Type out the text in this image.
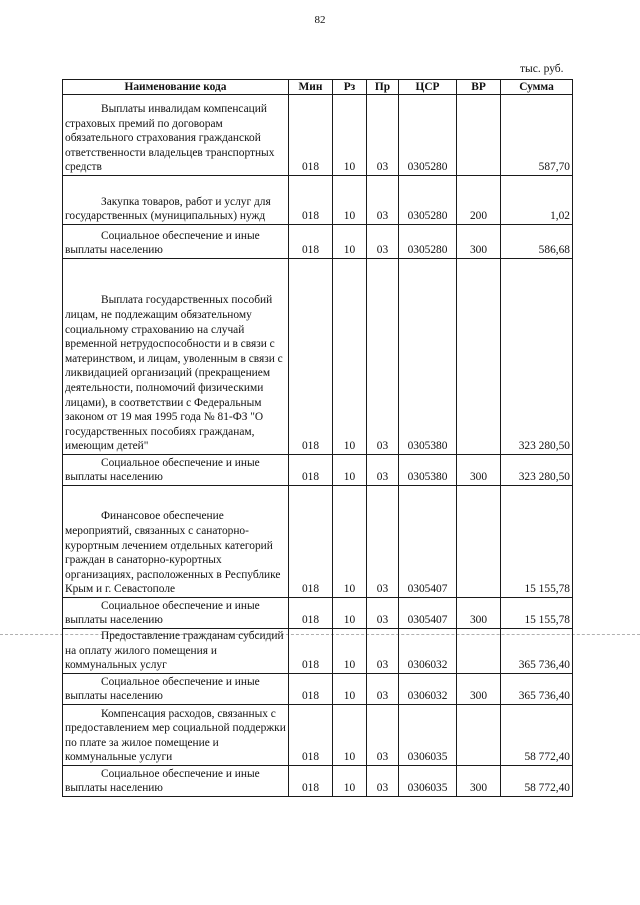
82
тыс. руб.
Наименование кода	Мин	Рз	Пр	ЦСР	ВР	Сумма
Выплаты инвалидам компенсаций страховых премий по договорам обязательного страхования гражданской ответственности владельцев транспортных средств	018	10	03	0305280		587,70
Закупка товаров, работ и услуг для государственных (муниципальных) нужд	018	10	03	0305280	200	1,02
Социальное обеспечение и иные выплаты населению	018	10	03	0305280	300	586,68
Выплата государственных пособий лицам, не подлежащим обязательному социальному страхованию на случай временной нетрудоспособности и в связи с материнством, и лицам, уволенным в связи с ликвидацией организаций (прекращением деятельности, полномочий физическими лицами), в соответствии с Федеральным законом от 19 мая 1995 года № 81-ФЗ "О государственных пособиях гражданам, имеющим детей"	018	10	03	0305380		323 280,50
Социальное обеспечение и иные выплаты населению	018	10	03	0305380	300	323 280,50
Финансовое обеспечение мероприятий, связанных с санаторно-курортным лечением отдельных категорий граждан в санаторно-курортных организациях, расположенных в Республике Крым и г. Севастополе	018	10	03	0305407		15 155,78
Социальное обеспечение и иные выплаты населению	018	10	03	0305407	300	15 155,78
Предоставление гражданам субсидий на оплату жилого помещения и коммунальных услуг	018	10	03	0306032		365 736,40
Социальное обеспечение и иные выплаты населению	018	10	03	0306032	300	365 736,40
Компенсация расходов, связанных с предоставлением мер социальной поддержки по плате за жилое помещение и коммунальные услуги	018	10	03	0306035		58 772,40
Социальное обеспечение и иные выплаты населению	018	10	03	0306035	300	58 772,40
